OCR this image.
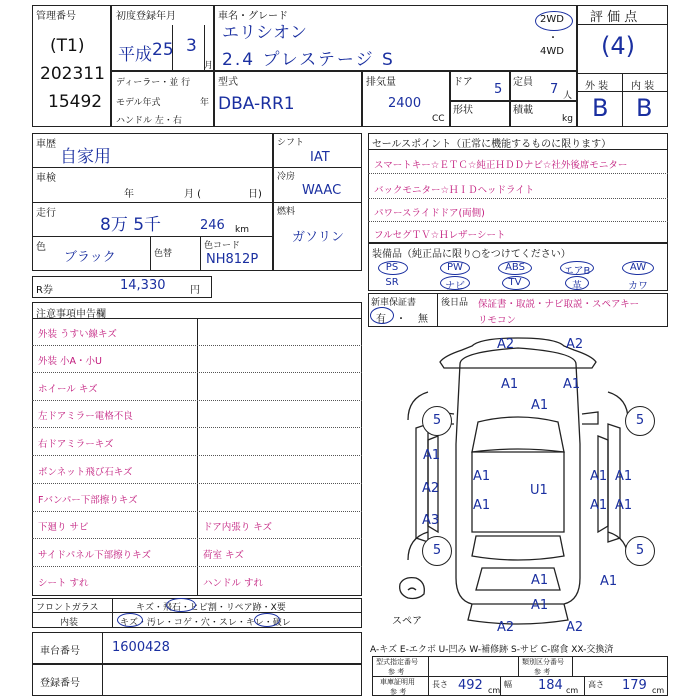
管理番号
(T1)
202311
15492
初度登録年月
平成 25 3
月
車名・グレード
エリシオン
2.4 プレステージ S
2WD
・
4WD
評 価 点
(4)
外 装 内 装
B B
ディーラー・並 行
モデル年式	年
ハンドル 左・右
型式
DBA-RR1
排気量
2400
CC
ドア 5 定員 7 人
形状	積載
kg
車歴
自家用
車検
年	月 (	日)
走行
8万 5千	246 km
色
ブラック	色替
色コード
NH812P
シフト
IAT
冷房
WAAC
燃料
ガソリン
R券	14,330 円
セールスポイント（正常に機能するものに限ります）
スマートキー☆ＥＴＣ☆純正ＨＤＤナビ☆社外後席モニター
バックモニター☆ＨＩＤヘッドライト
パワースライドドア(両側)
フルセグＴＶ☆Ｈレザーシート
装備品（純正品に限り○をつけてください）
PS	PW	ABS	エアB	AW
SR	ナビ	TV	革	カワ
新車保証書
有 ・ 無
後日品 保証書・取説・ナビ取説・スペアキー
リモコン
注意事項申告欄
外装 うすい線キズ
外装 小A・小U
ホイール キズ
左ドアミラー電格不良
右ドアミラーキズ
ボンネット飛び石キズ
Fバンパー下部擦りキズ
下廻り サビ	ドア内張り キズ
サイドパネル下部擦りキズ	荷室 キズ
シート すれ	ハンドル すれ
フロントガラス	キズ・飛石・ヒビ割・リペア跡・X要
内装	キズ・汚レ・コゲ・穴・スレ・キレ・破レ
車台番号 1600428
登録番号
スペア
A2	A2
A1	A1
A1
5	5
A1
A2
A3
A1
A1
U1
A1 A1
A1 A1
5	5
A1
A1
A1
A2	A2
A-キズ E-エクボ U-凹み W-補修跡 S-サビ C-腐食 XX-交換済
型式指定番号
参 考
類別区分番号
参 考
車庫証明用
参 考
長さ 492 cm
幅 184 cm
高さ 179 cm
